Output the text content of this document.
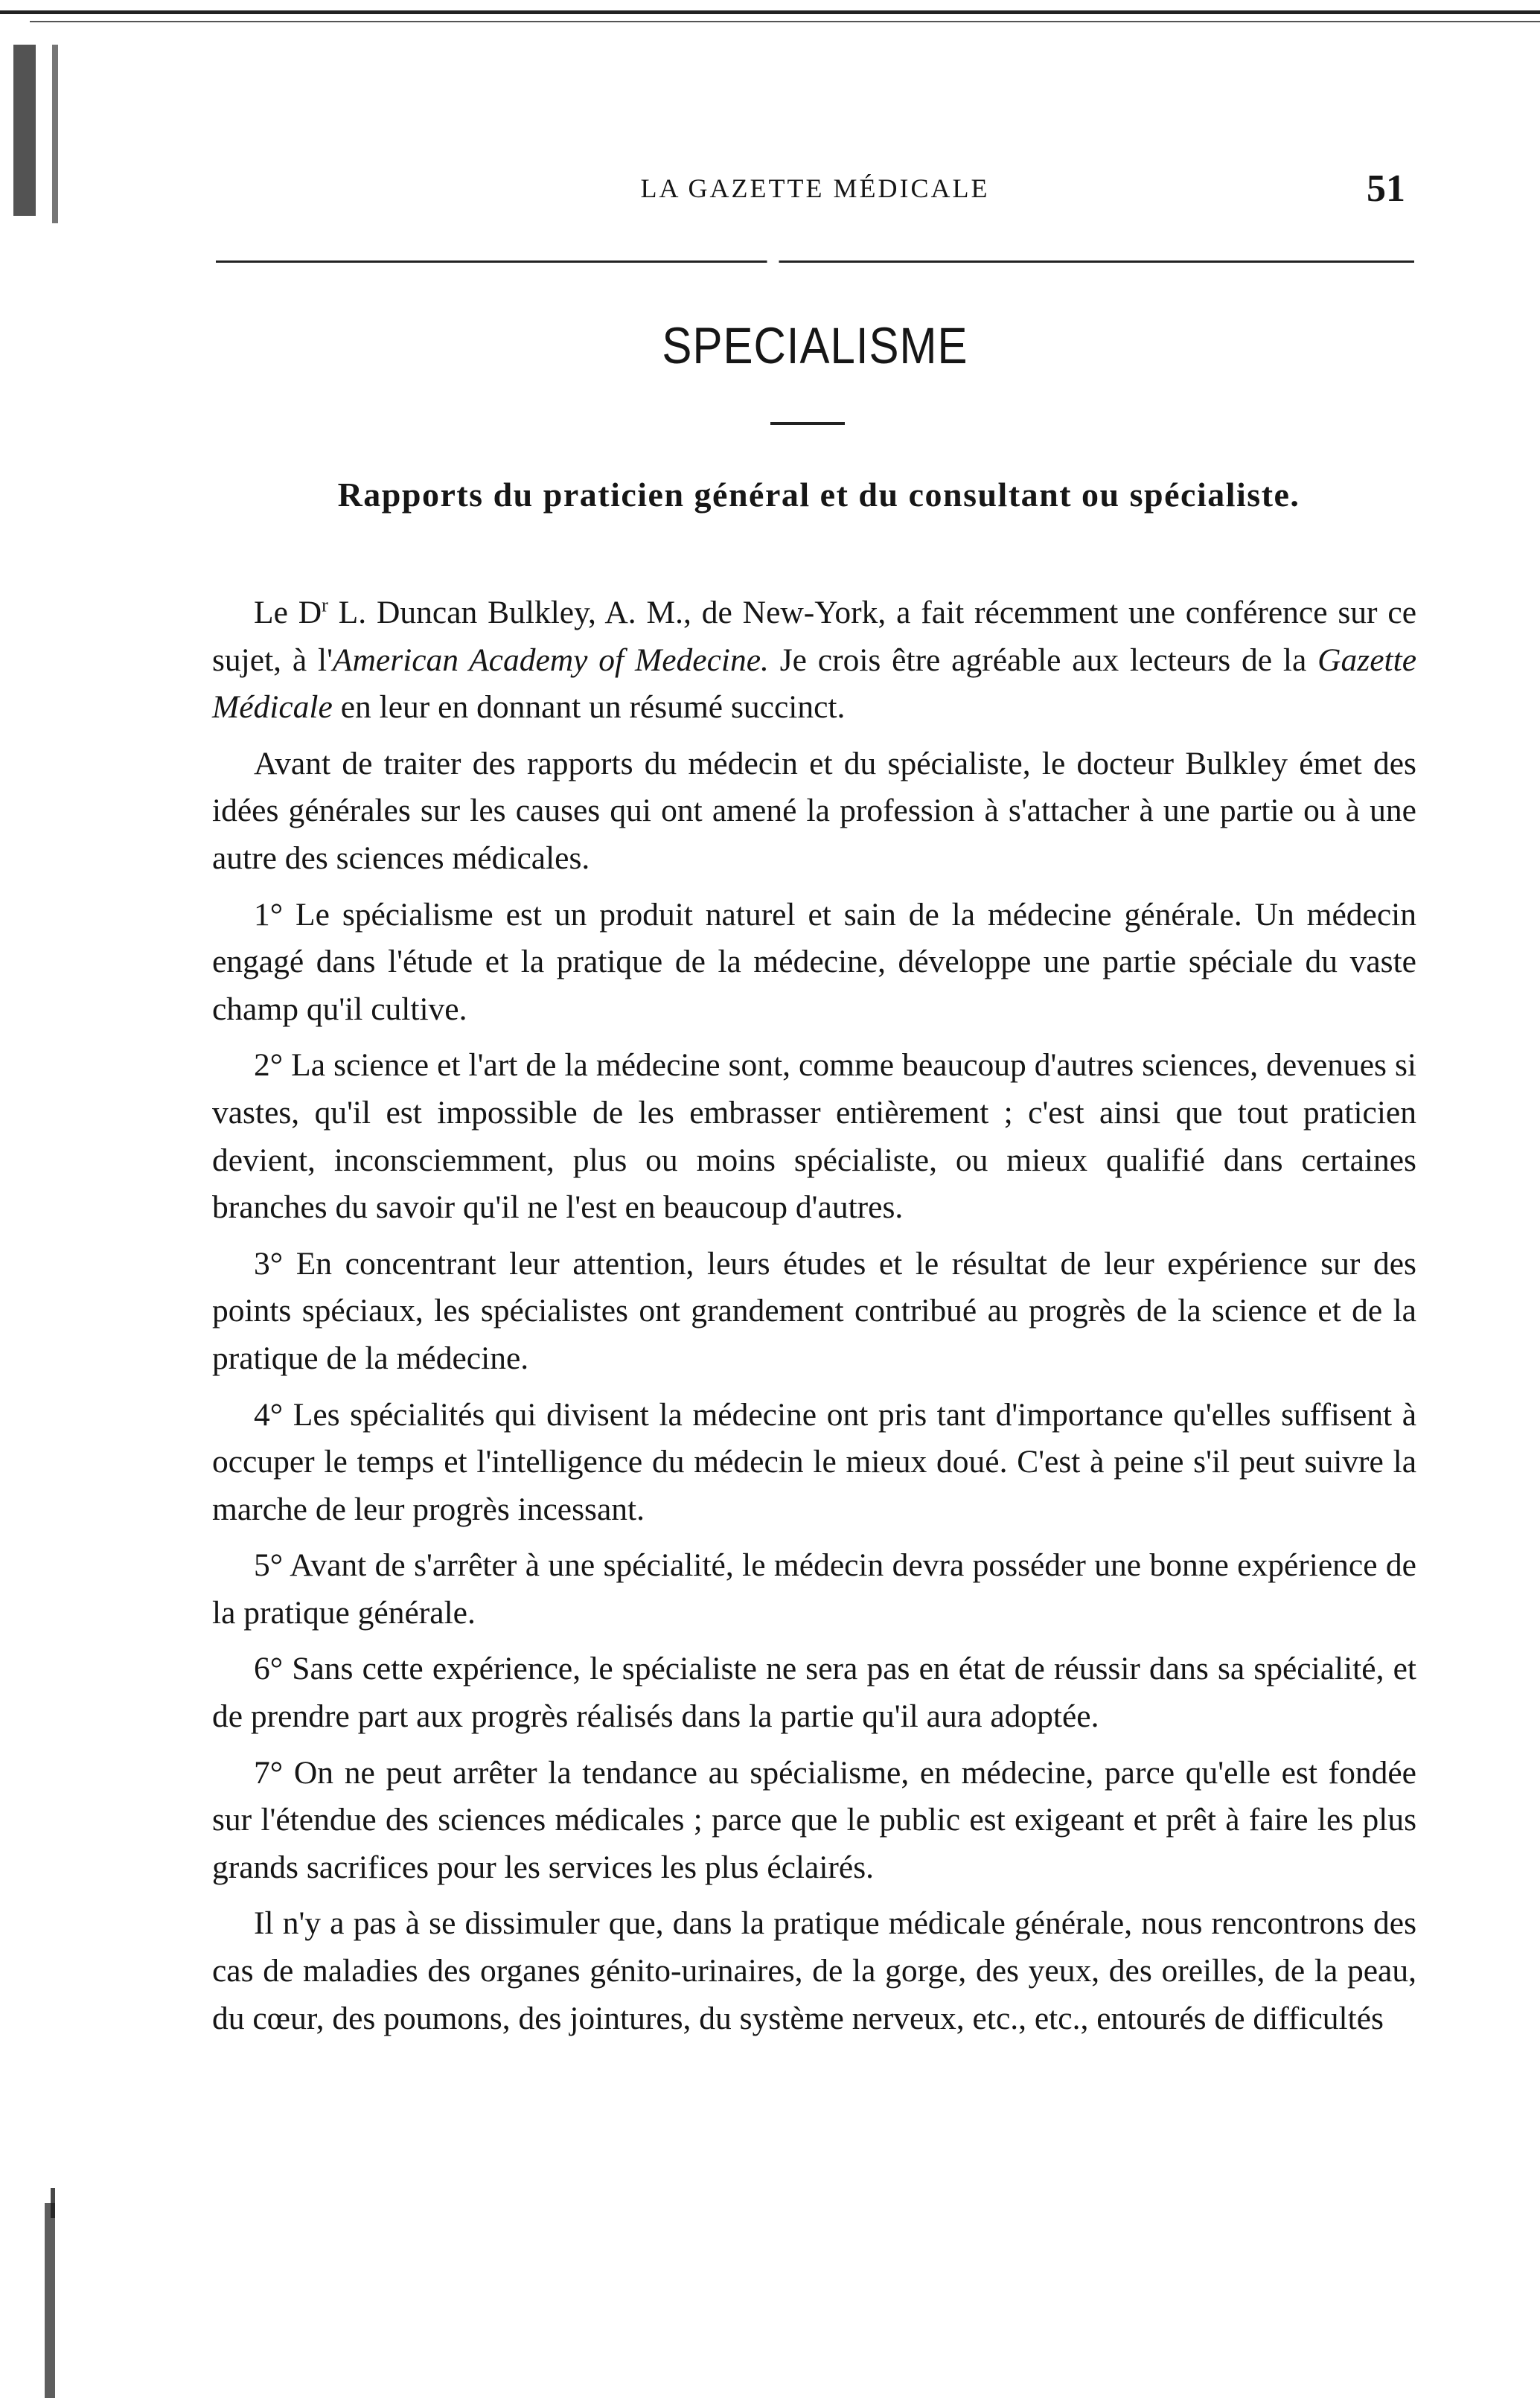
LA GAZETTE MÉDICALE	51
SPECIALISME
Rapports du praticien général et du consultant ou spécialiste.

Le $D^r$ L. Duncan Bulkley, A. M., de New-York, a fait récemment une conférence sur ce sujet, à l'American Academy of Medecine. Je crois être agréable aux lecteurs de la Gazette Médicale en leur en donnant un résumé succinct.

Avant de traiter des rapports du médecin et du spécialiste, le docteur Bulkley émet des idées générales sur les causes qui ont amené la profession à s'attacher à une partie ou à une autre des sciences médicales.

1° Le spécialisme est un produit naturel et sain de la médecine générale. Un médecin engagé dans l'étude et la pratique de la médecine, développe une partie spéciale du vaste champ qu'il cultive.

2° La science et l'art de la médecine sont, comme beaucoup d'autres sciences, devenues si vastes, qu'il est impossible de les embrasser entièrement ; c'est ainsi que tout praticien devient, inconsciemment, plus ou moins spécialiste, ou mieux qualifié dans certaines branches du savoir qu'il ne l'est en beaucoup d'autres.

3° En concentrant leur attention, leurs études et le résultat de leur expérience sur des points spéciaux, les spécialistes ont grandement contribué au progrès de la science et de la pratique de la médecine.

4° Les spécialités qui divisent la médecine ont pris tant d'importance qu'elles suffisent à occuper le temps et l'intelligence du médecin le mieux doué. C'est à peine s'il peut suivre la marche de leur progrès incessant.

5° Avant de s'arrêter à une spécialité, le médecin devra posséder une bonne expérience de la pratique générale.

6° Sans cette expérience, le spécialiste ne sera pas en état de réussir dans sa spécialité, et de prendre part aux progrès réalisés dans la partie qu'il aura adoptée.

7° On ne peut arrêter la tendance au spécialisme, en médecine, parce qu'elle est fondée sur l'étendue des sciences médicales ; parce que le public est exigeant et prêt à faire les plus grands sacrifices pour les services les plus éclairés.

Il n'y a pas à se dissimuler que, dans la pratique médicale générale, nous rencontrons des cas de maladies des organes génito-urinaires, de la gorge, des yeux, des oreilles, de la peau, du cœur, des poumons, des jointures, du système nerveux, etc., etc., entourés de difficultés
